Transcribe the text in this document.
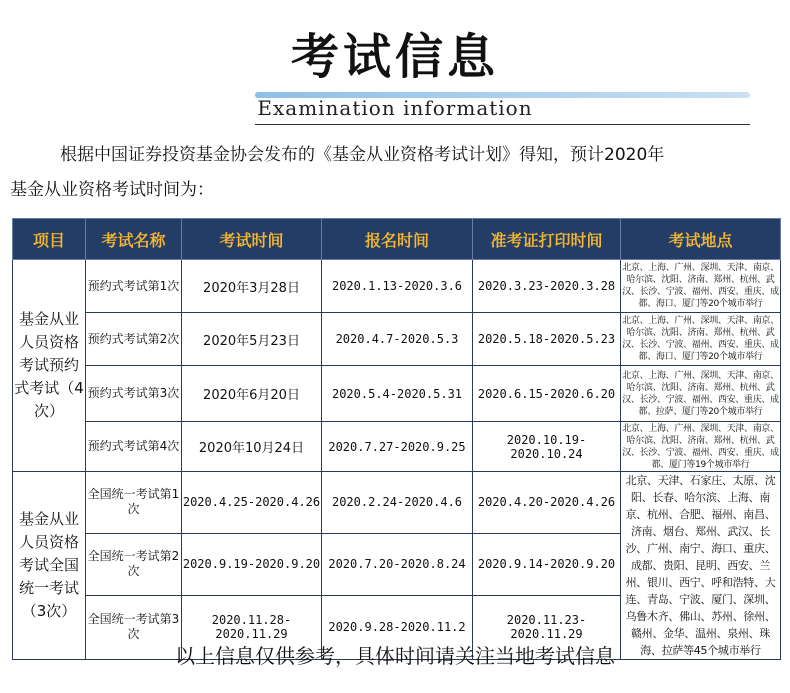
考试信息
Examination information
根据中国证券投资基金协会发布的《基金从业资格考试计划》得知，预计2020年
基金从业资格考试时间为：
项目	考试名称	考试时间	报名时间	准考证打印时间	考试地点
基金从业人员资格考试预约式考试（4次）	预约式考试第1次	2020年3月28日	2020.1.13-2020.3.6	2020.3.23-2020.3.28	北京、上海、广州、深圳、天津、南京、哈尔滨、沈阳、济南、郑州、杭州、武汉、长沙、宁波、福州、西安、重庆、成都、海口、厦门等20个城市举行
	预约式考试第2次	2020年5月23日	2020.4.7-2020.5.3	2020.5.18-2020.5.23	北京、上海、广州、深圳、天津、南京、哈尔滨、沈阳、济南、郑州、杭州、武汉、长沙、宁波、福州、西安、重庆、成都、海口、厦门等20个城市举行
	预约式考试第3次	2020年6月20日	2020.5.4-2020.5.31	2020.6.15-2020.6.20	北京、上海、广州、深圳、天津、南京、哈尔滨、沈阳、济南、郑州、杭州、武汉、长沙、宁波、福州、西安、重庆、成都、拉萨、厦门等20个城市举行
	预约式考试第4次	2020年10月24日	2020.7.27-2020.9.25	2020.10.19-2020.10.24	北京、上海、广州、深圳、天津、南京、哈尔滨、沈阳、济南、郑州、杭州、武汉、长沙、宁波、福州、西安、重庆、成都、厦门等19个城市举行
基金从业人员资格考试全国统一考试（3次）	全国统一考试第1次	2020.4.25-2020.4.26	2020.2.24-2020.4.6	2020.4.20-2020.4.26	北京、天津、石家庄、太原、沈阳、长春、哈尔滨、上海、南京、杭州、合肥、福州、南昌、济南、烟台、郑州、武汉、长沙、广州、南宁、海口、重庆、成都、贵阳、昆明、西安、兰州、银川、西宁、呼和浩特、大连、青岛、宁波、厦门、深圳、乌鲁木齐、佛山、苏州、徐州、赣州、金华、温州、泉州、珠海、拉萨等45个城市举行
	全国统一考试第2次	2020.9.19-2020.9.20	2020.7.20-2020.8.24	2020.9.14-2020.9.20	
	全国统一考试第3次	2020.11.28-2020.11.29	2020.9.28-2020.11.2	2020.11.23-2020.11.29	
以上信息仅供参考，具体时间请关注当地考试信息
